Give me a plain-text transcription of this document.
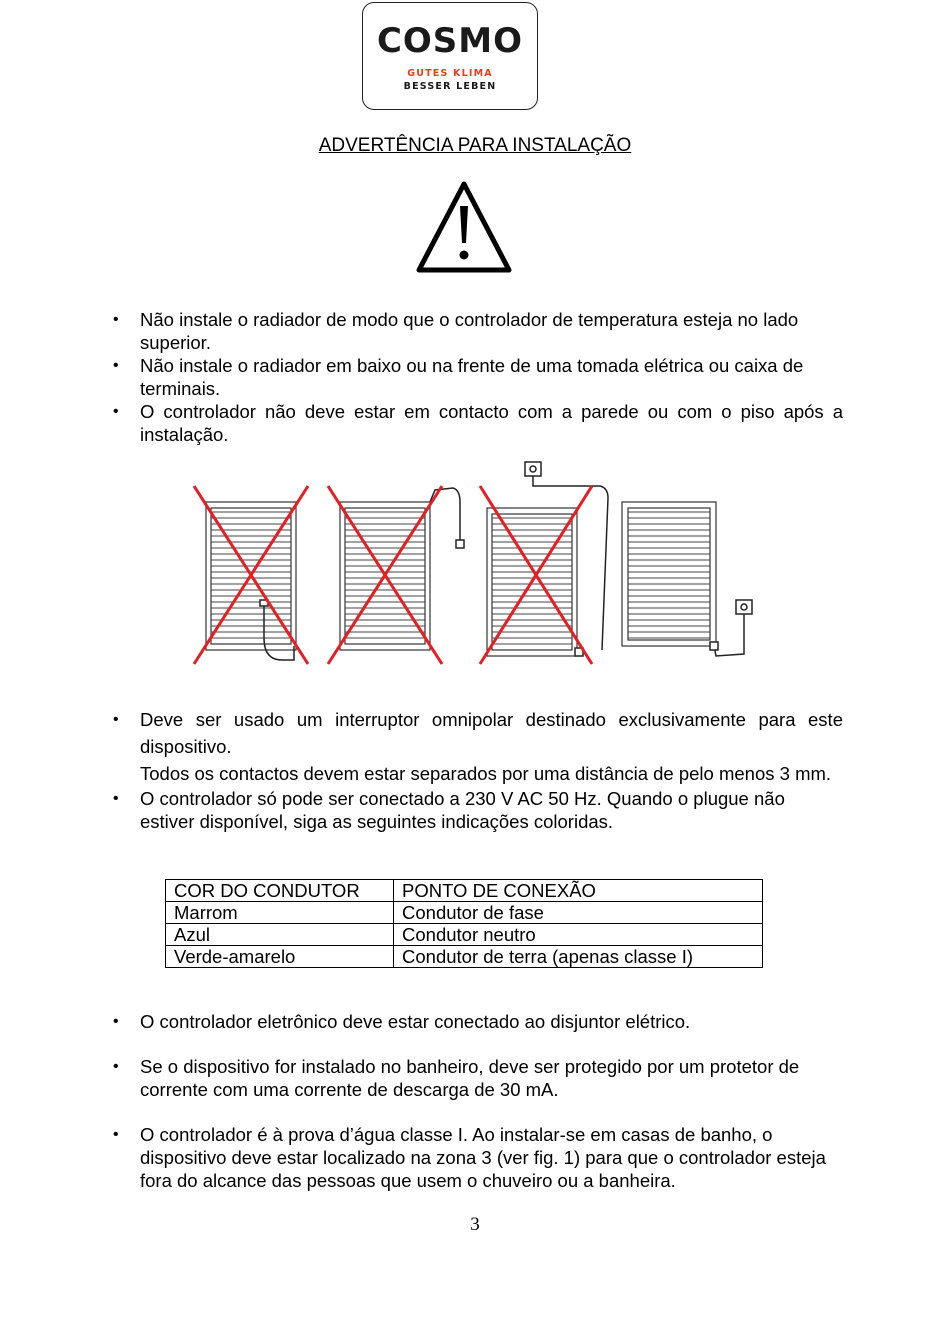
COSMO
GUTES KLIMA
BESSER LEBEN
ADVERTÊNCIA PARA INSTALAÇÃO
• Não instale o radiador de modo que o controlador de temperatura esteja no lado superior.
• Não instale o radiador em baixo ou na frente de uma tomada elétrica ou caixa de terminais.
• O controlador não deve estar em contacto com a parede ou com o piso após a instalação.
• Deve ser usado um interruptor omnipolar destinado exclusivamente para este dispositivo.
Todos os contactos devem estar separados por uma distância de pelo menos 3 mm.
• O controlador só pode ser conectado a 230 V AC 50 Hz. Quando o plugue não estiver disponível, siga as seguintes indicações coloridas.
COR DO CONDUTOR	PONTO DE CONEXÃO
Marrom	Condutor de fase
Azul	Condutor neutro
Verde-amarelo	Condutor de terra (apenas classe I)
• O controlador eletrônico deve estar conectado ao disjuntor elétrico.
• Se o dispositivo for instalado no banheiro, deve ser protegido por um protetor de corrente com uma corrente de descarga de 30 mA.
• O controlador é à prova d’água classe I. Ao instalar-se em casas de banho, o dispositivo deve estar localizado na zona 3 (ver fig. 1) para que o controlador esteja fora do alcance das pessoas que usem o chuveiro ou a banheira.
3
